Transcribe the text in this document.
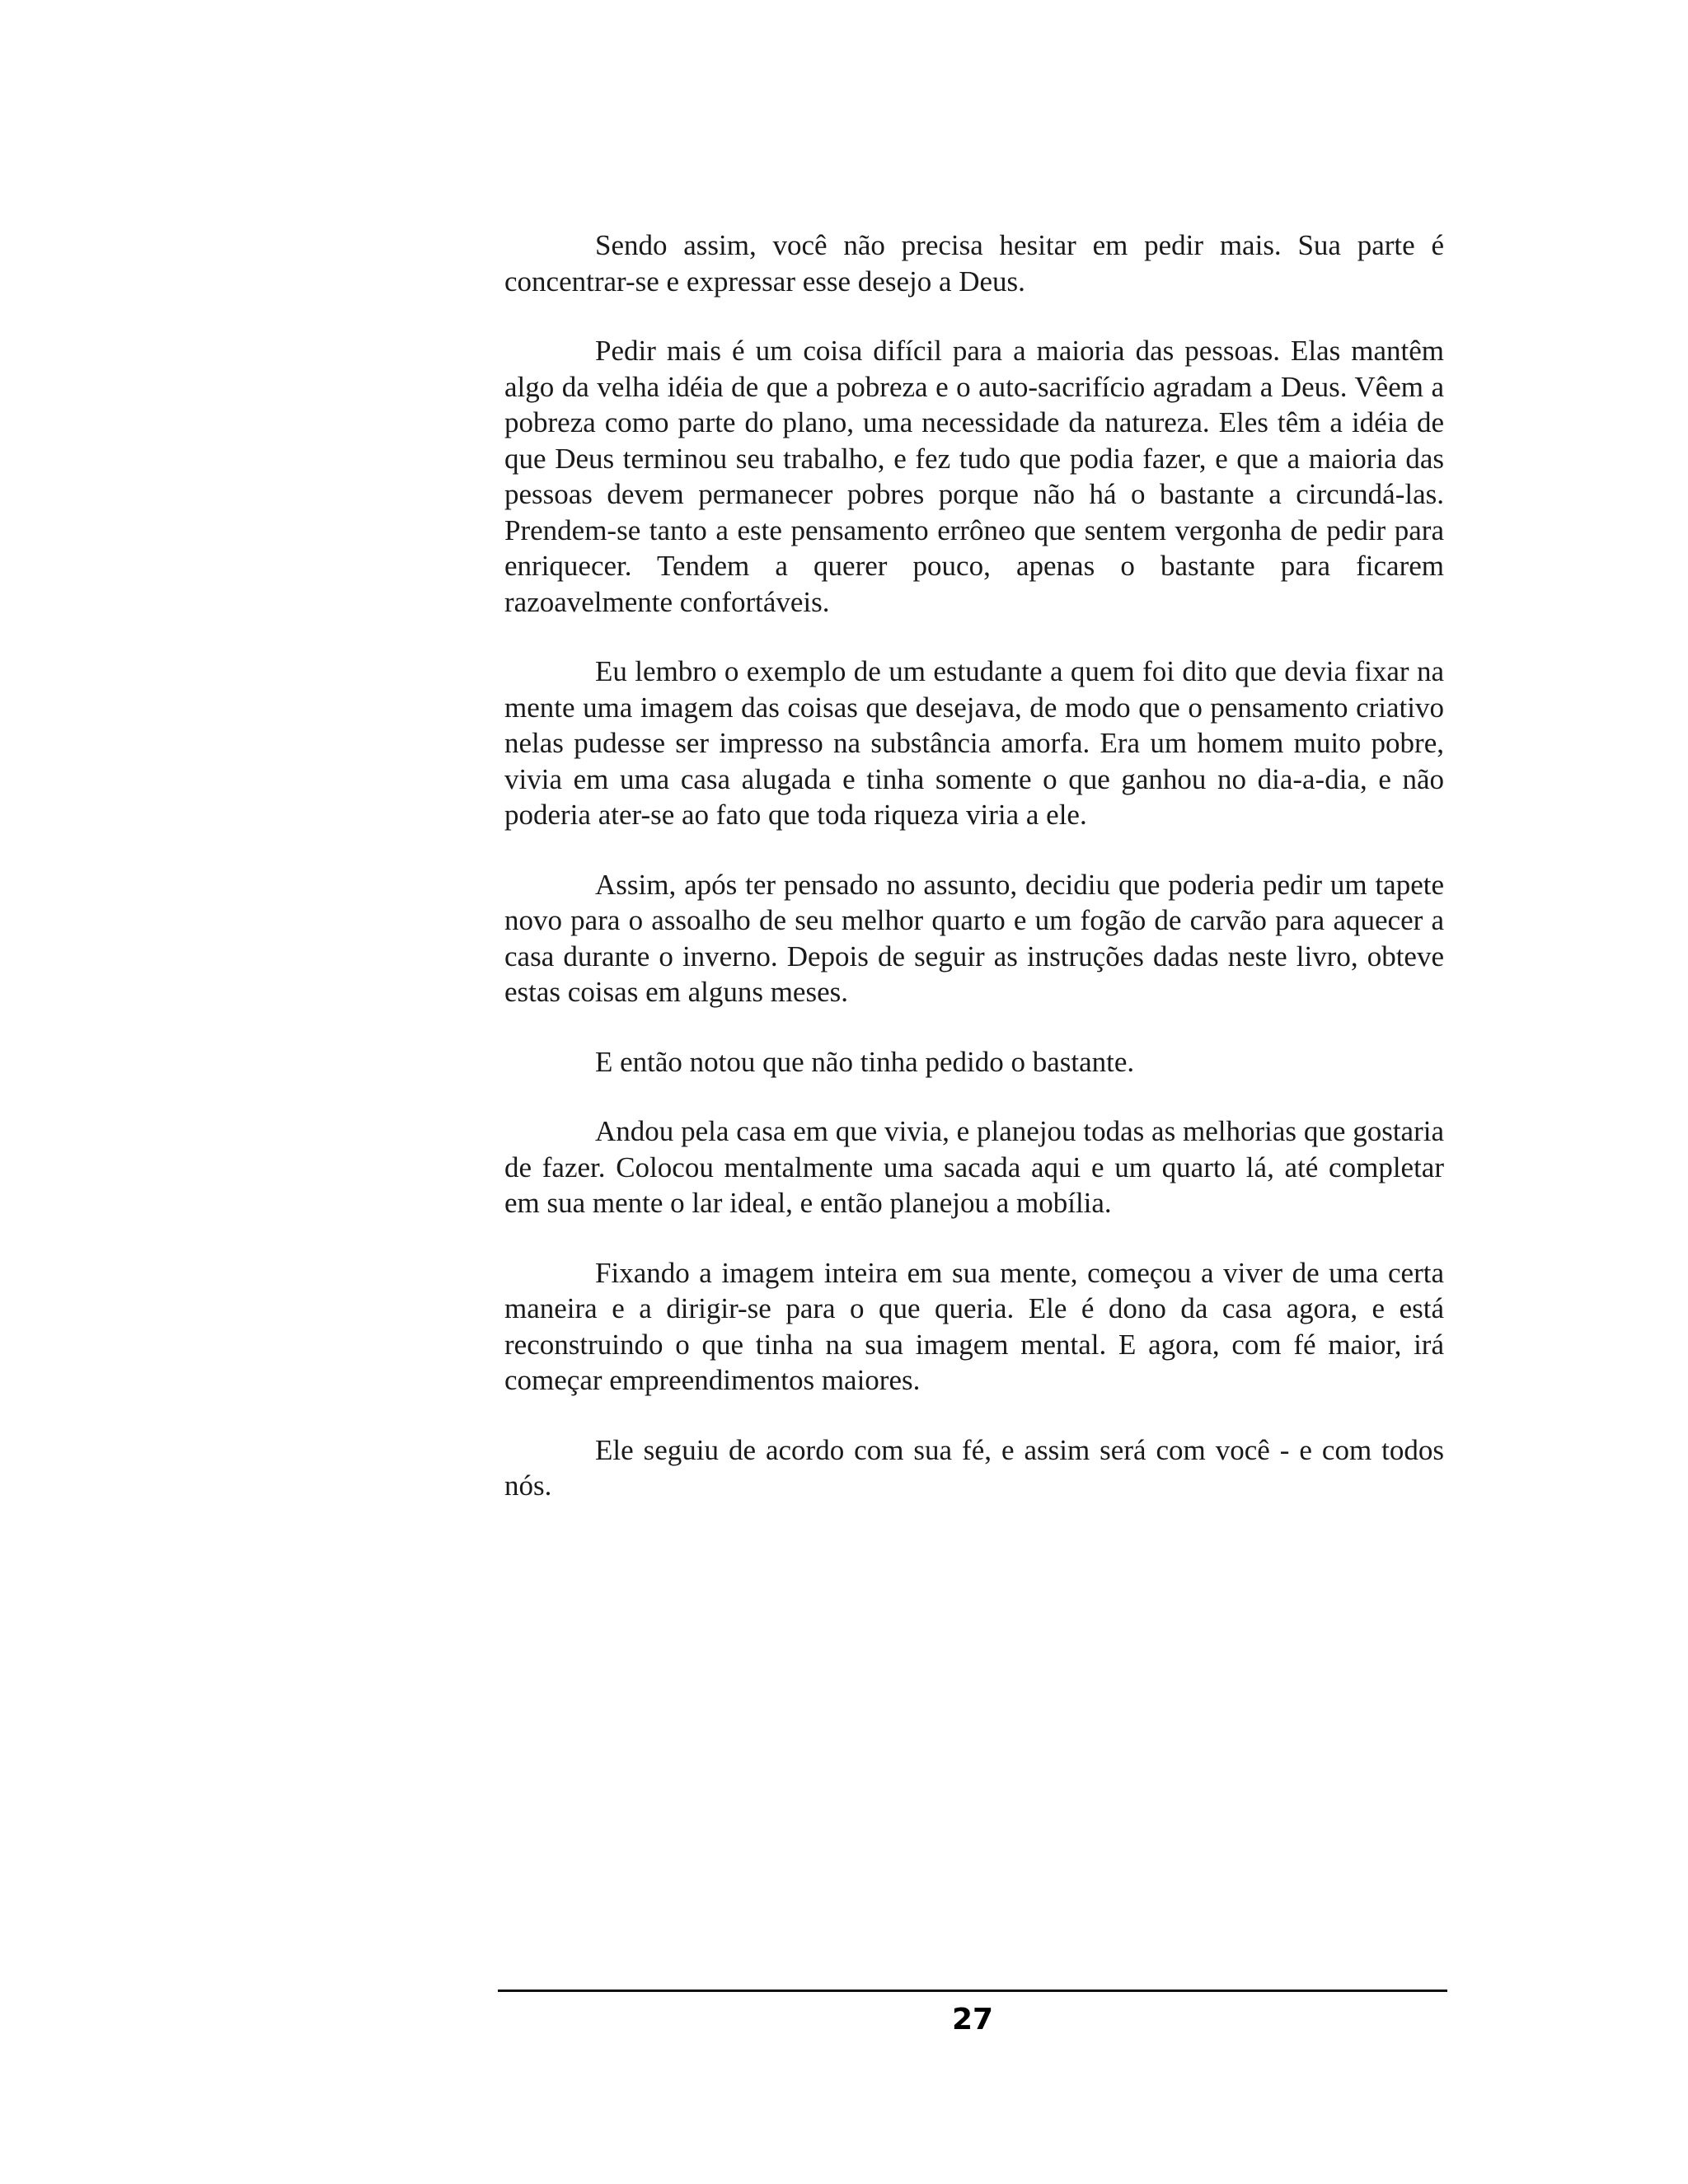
Sendo assim, você não precisa hesitar em pedir mais. Sua parte é concentrar-se e expressar esse desejo a Deus.

Pedir mais é um coisa difícil para a maioria das pessoas. Elas mantêm algo da velha idéia de que a pobreza e o auto-sacrifício agradam a Deus. Vêem a pobreza como parte do plano, uma necessidade da natureza. Eles têm a idéia de que Deus terminou seu trabalho, e fez tudo que podia fazer, e que a maioria das pessoas devem permanecer pobres porque não há o bastante a circundá-las. Prendem-se tanto a este pensamento errôneo que sentem vergonha de pedir para enriquecer. Tendem a querer pouco, apenas o bastante para ficarem razoavelmente confortáveis.

Eu lembro o exemplo de um estudante a quem foi dito que devia fixar na mente uma imagem das coisas que desejava, de modo que o pensamento criativo nelas pudesse ser impresso na substância amorfa. Era um homem muito pobre, vivia em uma casa alugada e tinha somente o que ganhou no dia-a-dia, e não poderia ater-se ao fato que toda riqueza viria a ele.

Assim, após ter pensado no assunto, decidiu que poderia pedir um tapete novo para o assoalho de seu melhor quarto e um fogão de carvão para aquecer a casa durante o inverno. Depois de seguir as instruções dadas neste livro, obteve estas coisas em alguns meses.

E então notou que não tinha pedido o bastante.

Andou pela casa em que vivia, e planejou todas as melhorias que gostaria de fazer. Colocou mentalmente uma sacada aqui e um quarto lá, até completar em sua mente o lar ideal, e então planejou a mobília.

Fixando a imagem inteira em sua mente, começou a viver de uma certa maneira e a dirigir-se para o que queria. Ele é dono da casa agora, e está reconstruindo o que tinha na sua imagem mental. E agora, com fé maior, irá começar empreendimentos maiores.

Ele seguiu de acordo com sua fé, e assim será com você - e com todos nós.

27
